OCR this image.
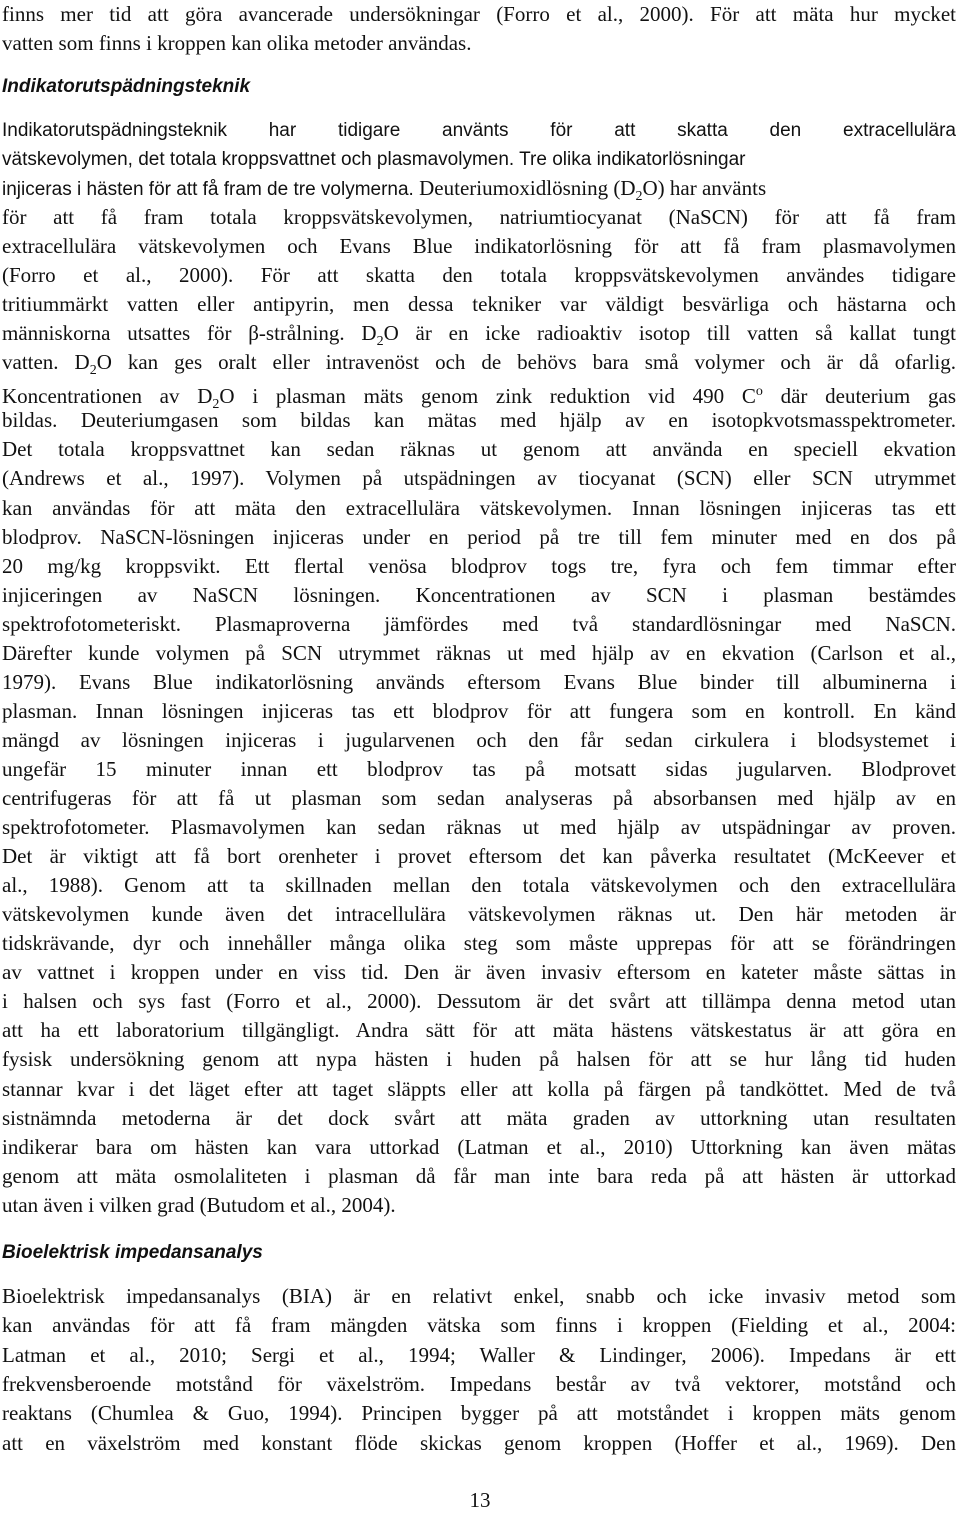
finns mer tid att göra avancerade undersökningar (Forro et al., 2000). För att mäta hur mycket

vatten som finns i kroppen kan olika metoder användas.

Indikatorutspädningsteknik

Indikatorutspädningsteknik har tidigare använts för att skatta den extracellulära

vätskevolymen, det totala kroppsvattnet och plasmavolymen. Tre olika indikatorlösningar

injiceras i hästen för att få fram de tre volymerna. Deuteriumoxidlösning $(D_2O)$ har använts

för att få fram totala kroppsvätskevolymen, natriumtiocyanat (NaSCN) för att få fram

extracellulära vätskevolymen och Evans Blue indikatorlösning för att få fram plasmavolymen

(Forro et al., 2000). För att skatta den totala kroppsvätskevolymen användes tidigare

tritiummärkt vatten eller antipyrin, men dessa tekniker var väldigt besvärliga och hästarna och

människorna utsattes för β-strålning. $D_2O$ är en icke radioaktiv isotop till vatten så kallat tungt

vatten. $D_2O$ kan ges oralt eller intravenöst och de behövs bara små volymer och är då ofarlig.

Koncentrationen av $D_2O$ i plasman mäts genom zink reduktion vid 490 $C^o$ där deuterium gas

bildas. Deuteriumgasen som bildas kan mätas med hjälp av en isotopkvotsmasspektrometer.

Det totala kroppsvattnet kan sedan räknas ut genom att använda en speciell ekvation

(Andrews et al., 1997). Volymen på utspädningen av tiocyanat (SCN) eller SCN utrymmet

kan användas för att mäta den extracellulära vätskevolymen. Innan lösningen injiceras tas ett

blodprov. NaSCN-lösningen injiceras under en period på tre till fem minuter med en dos på

20 mg/kg kroppsvikt. Ett flertal venösa blodprov togs tre, fyra och fem timmar efter

injiceringen av NaSCN lösningen. Koncentrationen av SCN i plasman bestämdes

spektrofotometeriskt. Plasmaproverna jämfördes med två standardlösningar med NaSCN.

Därefter kunde volymen på SCN utrymmet räknas ut med hjälp av en ekvation (Carlson et al.,

1979). Evans Blue indikatorlösning används eftersom Evans Blue binder till albuminerna i

plasman. Innan lösningen injiceras tas ett blodprov för att fungera som en kontroll. En känd

mängd av lösningen injiceras i jugularvenen och den får sedan cirkulera i blodsystemet i

ungefär 15 minuter innan ett blodprov tas på motsatt sidas jugularven. Blodprovet

centrifugeras för att få ut plasman som sedan analyseras på absorbansen med hjälp av en

spektrofotometer. Plasmavolymen kan sedan räknas ut med hjälp av utspädningar av proven.

Det är viktigt att få bort orenheter i provet eftersom det kan påverka resultatet (McKeever et

al., 1988). Genom att ta skillnaden mellan den totala vätskevolymen och den extracellulära

vätskevolymen kunde även det intracellulära vätskevolymen räknas ut. Den här metoden är

tidskrävande, dyr och innehåller många olika steg som måste upprepas för att se förändringen

av vattnet i kroppen under en viss tid. Den är även invasiv eftersom en kateter måste sättas in

i halsen och sys fast (Forro et al., 2000). Dessutom är det svårt att tillämpa denna metod utan

att ha ett laboratorium tillgängligt. Andra sätt för att mäta hästens vätskestatus är att göra en

fysisk undersökning genom att nypa hästen i huden på halsen för att se hur lång tid huden

stannar kvar i det läget efter att taget släppts eller att kolla på färgen på tandköttet. Med de två

sistnämnda metoderna är det dock svårt att mäta graden av uttorkning utan resultaten

indikerar bara om hästen kan vara uttorkad (Latman et al., 2010) Uttorkning kan även mätas

genom att mäta osmolaliteten i plasman då får man inte bara reda på att hästen är uttorkad

utan även i vilken grad (Butudom et al., 2004).

Bioelektrisk impedansanalys

Bioelektrisk impedansanalys (BIA) är en relativt enkel, snabb och icke invasiv metod som

kan användas för att få fram mängden vätska som finns i kroppen (Fielding et al., 2004:

Latman et al., 2010; Sergi et al., 1994; Waller & Lindinger, 2006). Impedans är ett

frekvensberoende motstånd för växelström. Impedans består av två vektorer, motstånd och

reaktans (Chumlea & Guo, 1994). Principen bygger på att motståndet i kroppen mäts genom

att en växelström med konstant flöde skickas genom kroppen (Hoffer et al., 1969). Den

13
